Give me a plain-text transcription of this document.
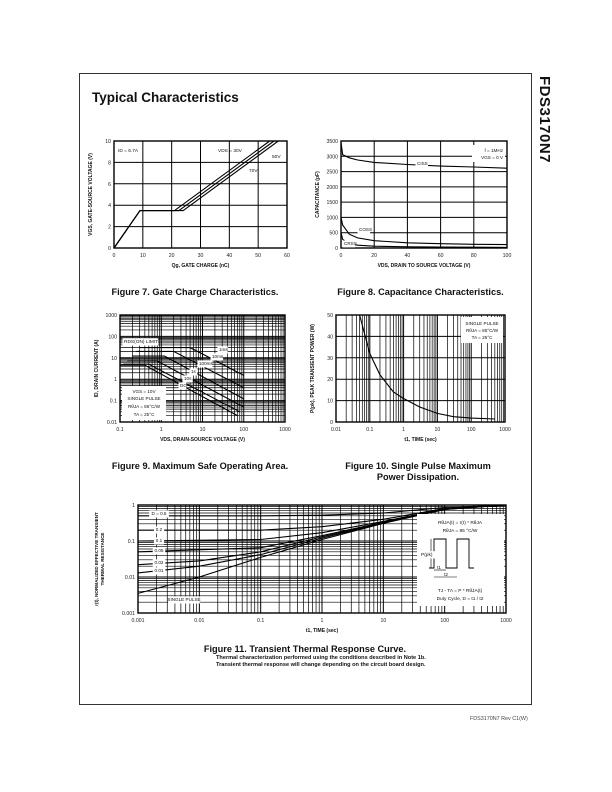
FDS3170N7
Typical Characteristics
0	10	20	30	40	50	60
0
2
4
6
8
10
Qg, GATE CHARGE (nC)
VGS, GATE-SOURCE VOLTAGE (V)
ID = 6.7A	VDS = 30V
50V
70V
Figure 7. Gate Charge Characteristics.
0	20	40	60	80	100
0
500
1000
1500
2000
2500
3000
3500
VDS, DRAIN TO SOURCE VOLTAGE (V)
CAPACITANCE (pF)
f = 1MHz
VGS = 0 V
CISS
COSS
CRSS
Figure 8. Capacitance Characteristics.
0.1	1	10	100	1000
0.01
0.1
1
10
100
1000
VDS, DRAIN-SOURCE VOLTAGE (V)
ID, DRAIN CURRENT (A)	RDS(ON) LIMIT
1ms
10ms
100ms
1s
10s
DC
VGS = 10V
SINGLE PULSE
RθJA = 85°C/W
TA = 25°C
Figure 9. Maximum Safe Operating Area.
0.01	0.1	1	10	100	1000
0
10
20
30
40
50
t1, TIME (sec)
P(pk), PEAK TRANSIENT POWER (W)
SINGLE PULSE
RθJA = 85°C/W
TA = 25°C
Figure 10. Single Pulse Maximum
Power Dissipation.
0.001	0.01	0.1	1	10	100	1000
0.001
0.01
0.1
1
t1, TIME (sec)
r(t), NORMALIZED EFFECTIVE TRANSIENT THERMAL RESISTANCE
D = 0.5
0.2
0.1
0.05
0.02
0.01
SINGLE PULSE
RθJA(t) = r(t) * RθJA
RθJA = 85 °C/W
P(pk)
t1
t2
TJ - TA = P * RθJA(t)
Duty Cycle, D = t1 / t2
Figure 11. Transient Thermal Response Curve.
Thermal characterization performed using the conditions described in Note 1b.
Transient thermal response will change depending on the circuit board design.
FDS3170N7 Rev C1(W)
